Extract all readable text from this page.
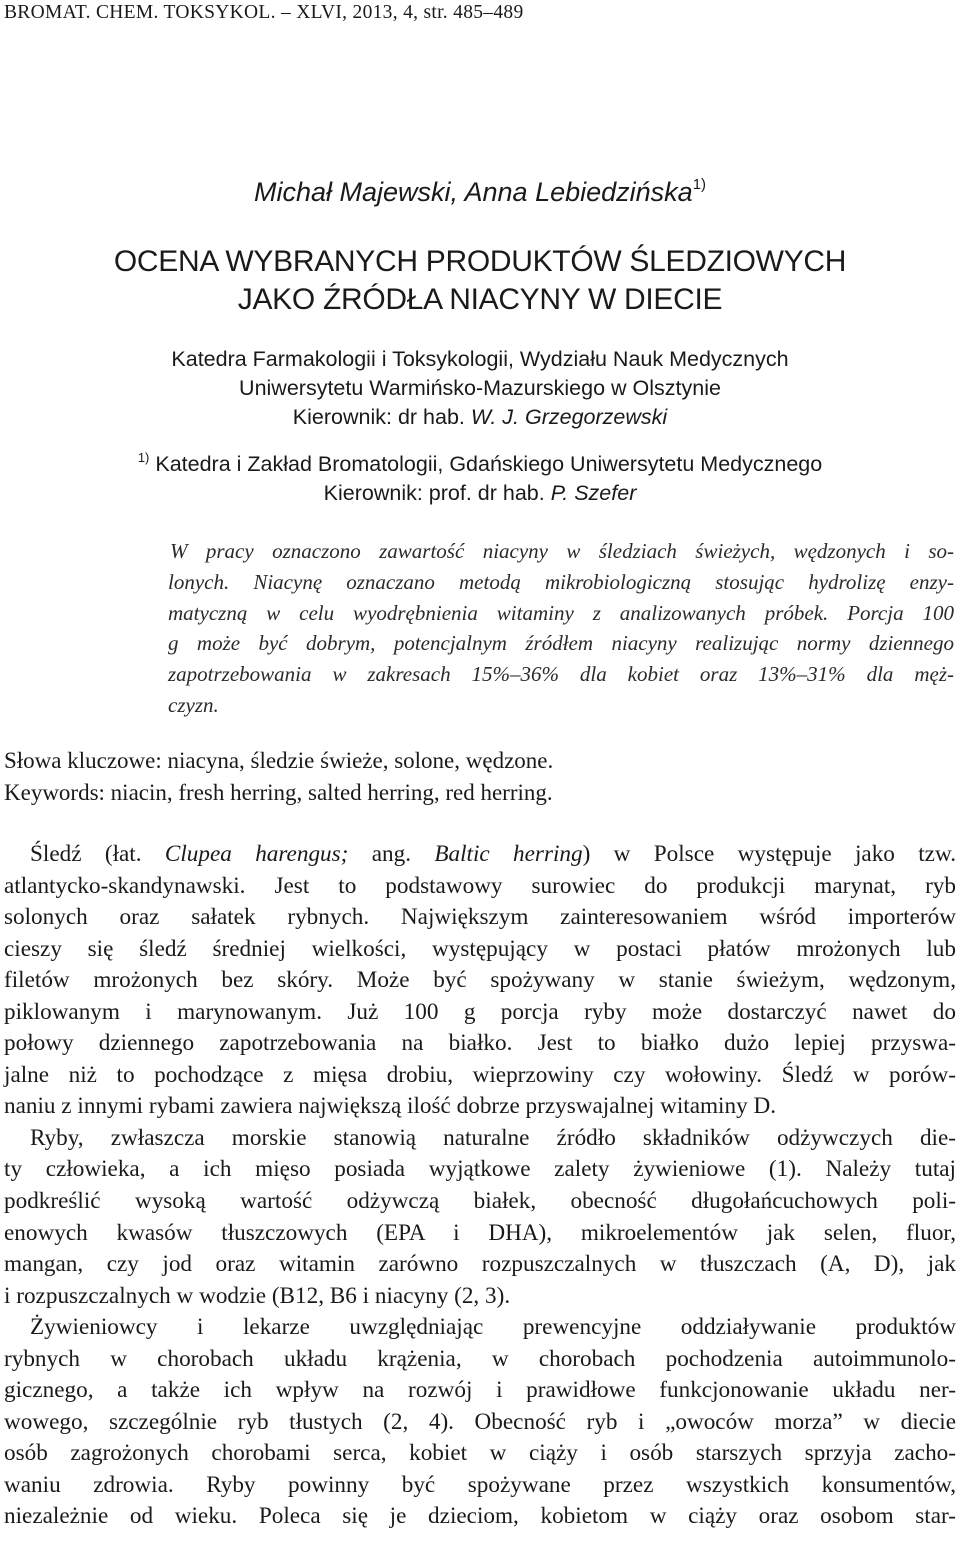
BROMAT. CHEM. TOKSYKOL. – XLVI, 2013, 4, str. 485–489
Michał Majewski, Anna Lebiedzińska$^{1)}$
OCENA WYBRANYCH PRODUKTÓW ŚLEDZIOWYCH
JAKO ŹRÓDŁA NIACYNY W DIECIE
Katedra Farmakologii i Toksykologii, Wydziału Nauk Medycznych
Uniwersytetu Warmińsko-Mazurskiego w Olsztynie
Kierownik: dr hab. W. J. Grzegorzewski
$^{1)}$ Katedra i Zakład Bromatologii, Gdańskiego Uniwersytetu Medycznego
Kierownik: prof. dr hab. P. Szefer
W pracy oznaczono zawartość niacyny w śledziach świeżych, wędzonych i so-
lonych. Niacynę oznaczano metodą mikrobiologiczną stosując hydrolizę enzy-
matyczną w celu wyodrębnienia witaminy z analizowanych próbek. Porcja 100
g może być dobrym, potencjalnym źródłem niacyny realizując normy dziennego
zapotrzebowania w zakresach 15%–36% dla kobiet oraz 13%–31% dla męż-
czyzn.
Słowa kluczowe: niacyna, śledzie świeże, solone, wędzone.
Keywords: niacin, fresh herring, salted herring, red herring.
Śledź (łat. Clupea harengus; ang. Baltic herring) w Polsce występuje jako tzw.
atlantycko-skandynawski. Jest to podstawowy surowiec do produkcji marynat, ryb
solonych oraz sałatek rybnych. Największym zainteresowaniem wśród importerów
cieszy się śledź średniej wielkości, występujący w postaci płatów mrożonych lub
filetów mrożonych bez skóry. Może być spożywany w stanie świeżym, wędzonym,
piklowanym i marynowanym. Już 100 g porcja ryby może dostarczyć nawet do
połowy dziennego zapotrzebowania na białko. Jest to białko dużo lepiej przyswa-
jalne niż to pochodzące z mięsa drobiu, wieprzowiny czy wołowiny. Śledź w porów-
naniu z innymi rybami zawiera największą ilość dobrze przyswajalnej witaminy D.
Ryby, zwłaszcza morskie stanowią naturalne źródło składników odżywczych die-
ty człowieka, a ich mięso posiada wyjątkowe zalety żywieniowe (1). Należy tutaj
podkreślić wysoką wartość odżywczą białek, obecność długołańcuchowych poli-
enowych kwasów tłuszczowych (EPA i DHA), mikroelementów jak selen, fluor,
mangan, czy jod oraz witamin zarówno rozpuszczalnych w tłuszczach (A, D), jak
i rozpuszczalnych w wodzie (B12, B6 i niacyny (2, 3).
Żywieniowcy i lekarze uwzględniając prewencyjne oddziaływanie produktów
rybnych w chorobach układu krążenia, w chorobach pochodzenia autoimmunolo-
gicznego, a także ich wpływ na rozwój i prawidłowe funkcjonowanie układu ner-
wowego, szczególnie ryb tłustych (2, 4). Obecność ryb i „owoców morza” w diecie
osób zagrożonych chorobami serca, kobiet w ciąży i osób starszych sprzyja zacho-
waniu zdrowia. Ryby powinny być spożywane przez wszystkich konsumentów,
niezależnie od wieku. Poleca się je dzieciom, kobietom w ciąży oraz osobom star-
